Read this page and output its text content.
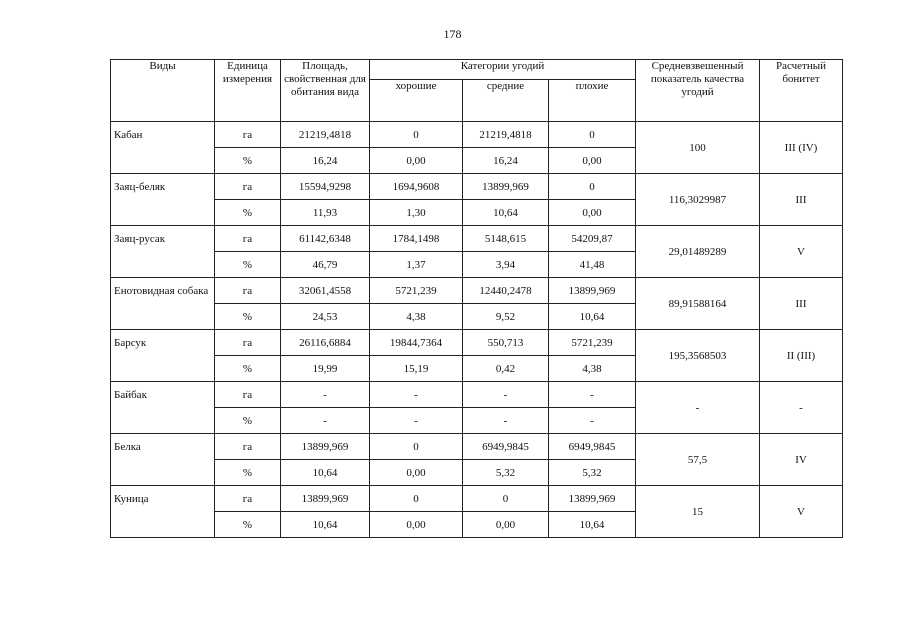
178
Виды	Единица измерения	Площадь, свойственная для обитания вида	Категории угодий			Средневзвешенный показатель качества угодий	Расчетный бонитет
			хорошие	средние	плохие		
Кабан	га	21219,4818	0	21219,4818	0	100	III (IV)
	%	16,24	0,00	16,24	0,00		
Заяц-беляк	га	15594,9298	1694,9608	13899,969	0	116,3029987	III
	%	11,93	1,30	10,64	0,00		
Заяц-русак	га	61142,6348	1784,1498	5148,615	54209,87	29,01489289	V
	%	46,79	1,37	3,94	41,48		
Енотовидная собака	га	32061,4558	5721,239	12440,2478	13899,969	89,91588164	III
	%	24,53	4,38	9,52	10,64		
Барсук	га	26116,6884	19844,7364	550,713	5721,239	195,3568503	II (III)
	%	19,99	15,19	0,42	4,38		
Байбак	га	-	-	-	-	-	-
	%	-	-	-	-		
Белка	га	13899,969	0	6949,9845	6949,9845	57,5	IV
	%	10,64	0,00	5,32	5,32		
Куница	га	13899,969	0	0	13899,969	15	V
	%	10,64	0,00	0,00	10,64		
